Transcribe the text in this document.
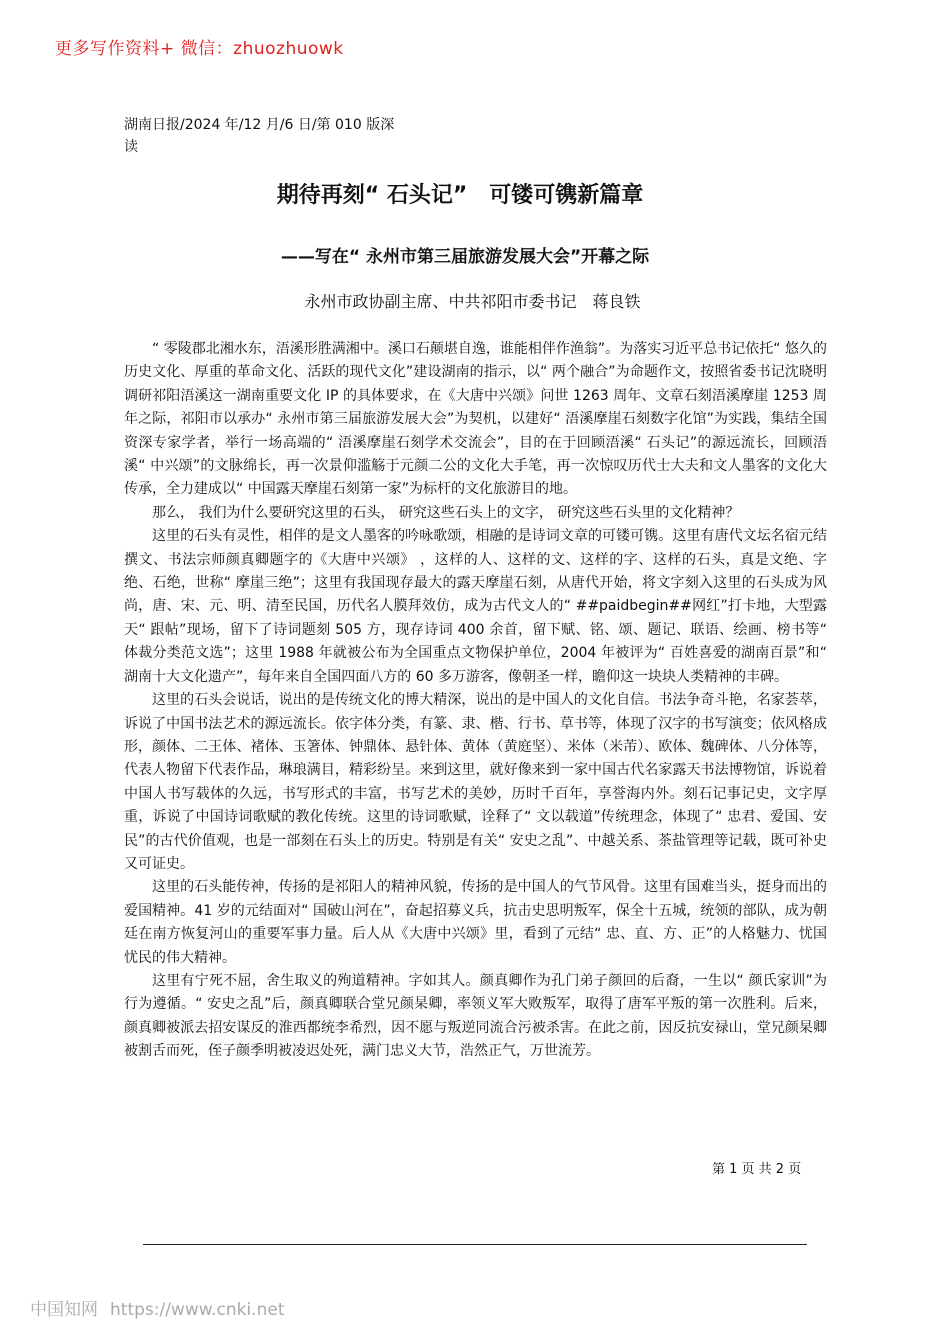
更多写作资料+ 微信：zhuozhuowk
湖南日报/2024 年/12 月/6 日/第 010 版深读
期待再刻“ 石头记”　可镂可镌新篇章
——写在“ 永州市第三届旅游发展大会”开幕之际
永州市政协副主席、中共祁阳市委书记　蒋良铁

“ 零陵郡北湘水东，浯溪形胜满湘中。溪口石颠堪自逸，谁能相伴作渔翁”。为落实习近平总书记依托“ 悠久的历史文化、厚重的革命文化、活跃的现代文化”建设湖南的指示，以“ 两个融合”为命题作文，按照省委书记沈晓明调研祁阳浯溪这一湖南重要文化 IP 的具体要求，在《大唐中兴颂》问世 1263 周年、文章石刻浯溪摩崖 1253 周年之际，祁阳市以承办“ 永州市第三届旅游发展大会”为契机，以建好“ 浯溪摩崖石刻数字化馆”为实践，集结全国资深专家学者，举行一场高端的“ 浯溪摩崖石刻学术交流会”，目的在于回顾浯溪“ 石头记”的源远流长，回顾浯溪“ 中兴颂”的文脉绵长，再一次景仰滥觞于元颜二公的文化大手笔，再一次惊叹历代士大夫和文人墨客的文化大传承，全力建成以“ 中国露天摩崖石刻第一家”为标杆的文化旅游目的地。

那么， 我们为什么要研究这里的石头， 研究这些石头上的文字， 研究这些石头里的文化精神？

这里的石头有灵性，相伴的是文人墨客的吟咏歌颂，相融的是诗词文章的可镂可镌。这里有唐代文坛名宿元结撰文、书法宗师颜真卿题字的《大唐中兴颂》 ，这样的人、这样的文、这样的字、这样的石头，真是文绝、字绝、石绝，世称“ 摩崖三绝”；这里有我国现存最大的露天摩崖石刻，从唐代开始，将文字刻入这里的石头成为风尚，唐、宋、元、明、清至民国，历代名人膜拜效仿，成为古代文人的“ ##paidbegin##网红”打卡地，大型露天“ 跟帖”现场，留下了诗词题刻 505 方，现存诗词 400 余首，留下赋、铭、颂、题记、联语、绘画、榜书等“ 体裁分类范文选”；这里 1988 年就被公布为全国重点文物保护单位，2004 年被评为“ 百姓喜爱的湖南百景”和“ 湖南十大文化遗产”，每年来自全国四面八方的 60 多万游客，像朝圣一样，瞻仰这一块块人类精神的丰碑。

这里的石头会说话，说出的是传统文化的博大精深，说出的是中国人的文化自信。书法争奇斗艳，名家荟萃，诉说了中国书法艺术的源远流长。依字体分类，有篆、隶、楷、行书、草书等，体现了汉字的书写演变；依风格成形，颜体、二王体、褚体、玉箸体、钟鼎体、悬针体、黄体（黄庭坚）、米体（米芾）、欧体、魏碑体、八分体等，代表人物留下代表作品，琳琅满目，精彩纷呈。来到这里，就好像来到一家中国古代名家露天书法博物馆，诉说着中国人书写载体的久远，书写形式的丰富，书写艺术的美妙，历时千百年，享誉海内外。刻石记事记史，文字厚重，诉说了中国诗词歌赋的教化传统。这里的诗词歌赋，诠释了“ 文以载道”传统理念，体现了“ 忠君、爱国、安民”的古代价值观，也是一部刻在石头上的历史。特别是有关“ 安史之乱”、中越关系、茶盐管理等记载，既可补史又可证史。

这里的石头能传神，传扬的是祁阳人的精神风貌，传扬的是中国人的气节风骨。这里有国难当头，挺身而出的爱国精神。41 岁的元结面对“ 国破山河在”，奋起招募义兵，抗击史思明叛军，保全十五城，统领的部队，成为朝廷在南方恢复河山的重要军事力量。后人从《大唐中兴颂》里，看到了元结“ 忠、直、方、正”的人格魅力、忧国忧民的伟大精神。

这里有宁死不屈，舍生取义的殉道精神。字如其人。颜真卿作为孔门弟子颜回的后裔，一生以“ 颜氏家训”为行为遵循。“ 安史之乱”后，颜真卿联合堂兄颜杲卿，率领义军大败叛军，取得了唐军平叛的第一次胜利。后来，颜真卿被派去招安谋反的淮西都统李希烈，因不愿与叛逆同流合污被杀害。在此之前，因反抗安禄山，堂兄颜杲卿被割舌而死，侄子颜季明被凌迟处死，满门忠义大节，浩然正气，万世流芳。

第 1 页 共 2 页
中国知网 https://www.cnki.net
